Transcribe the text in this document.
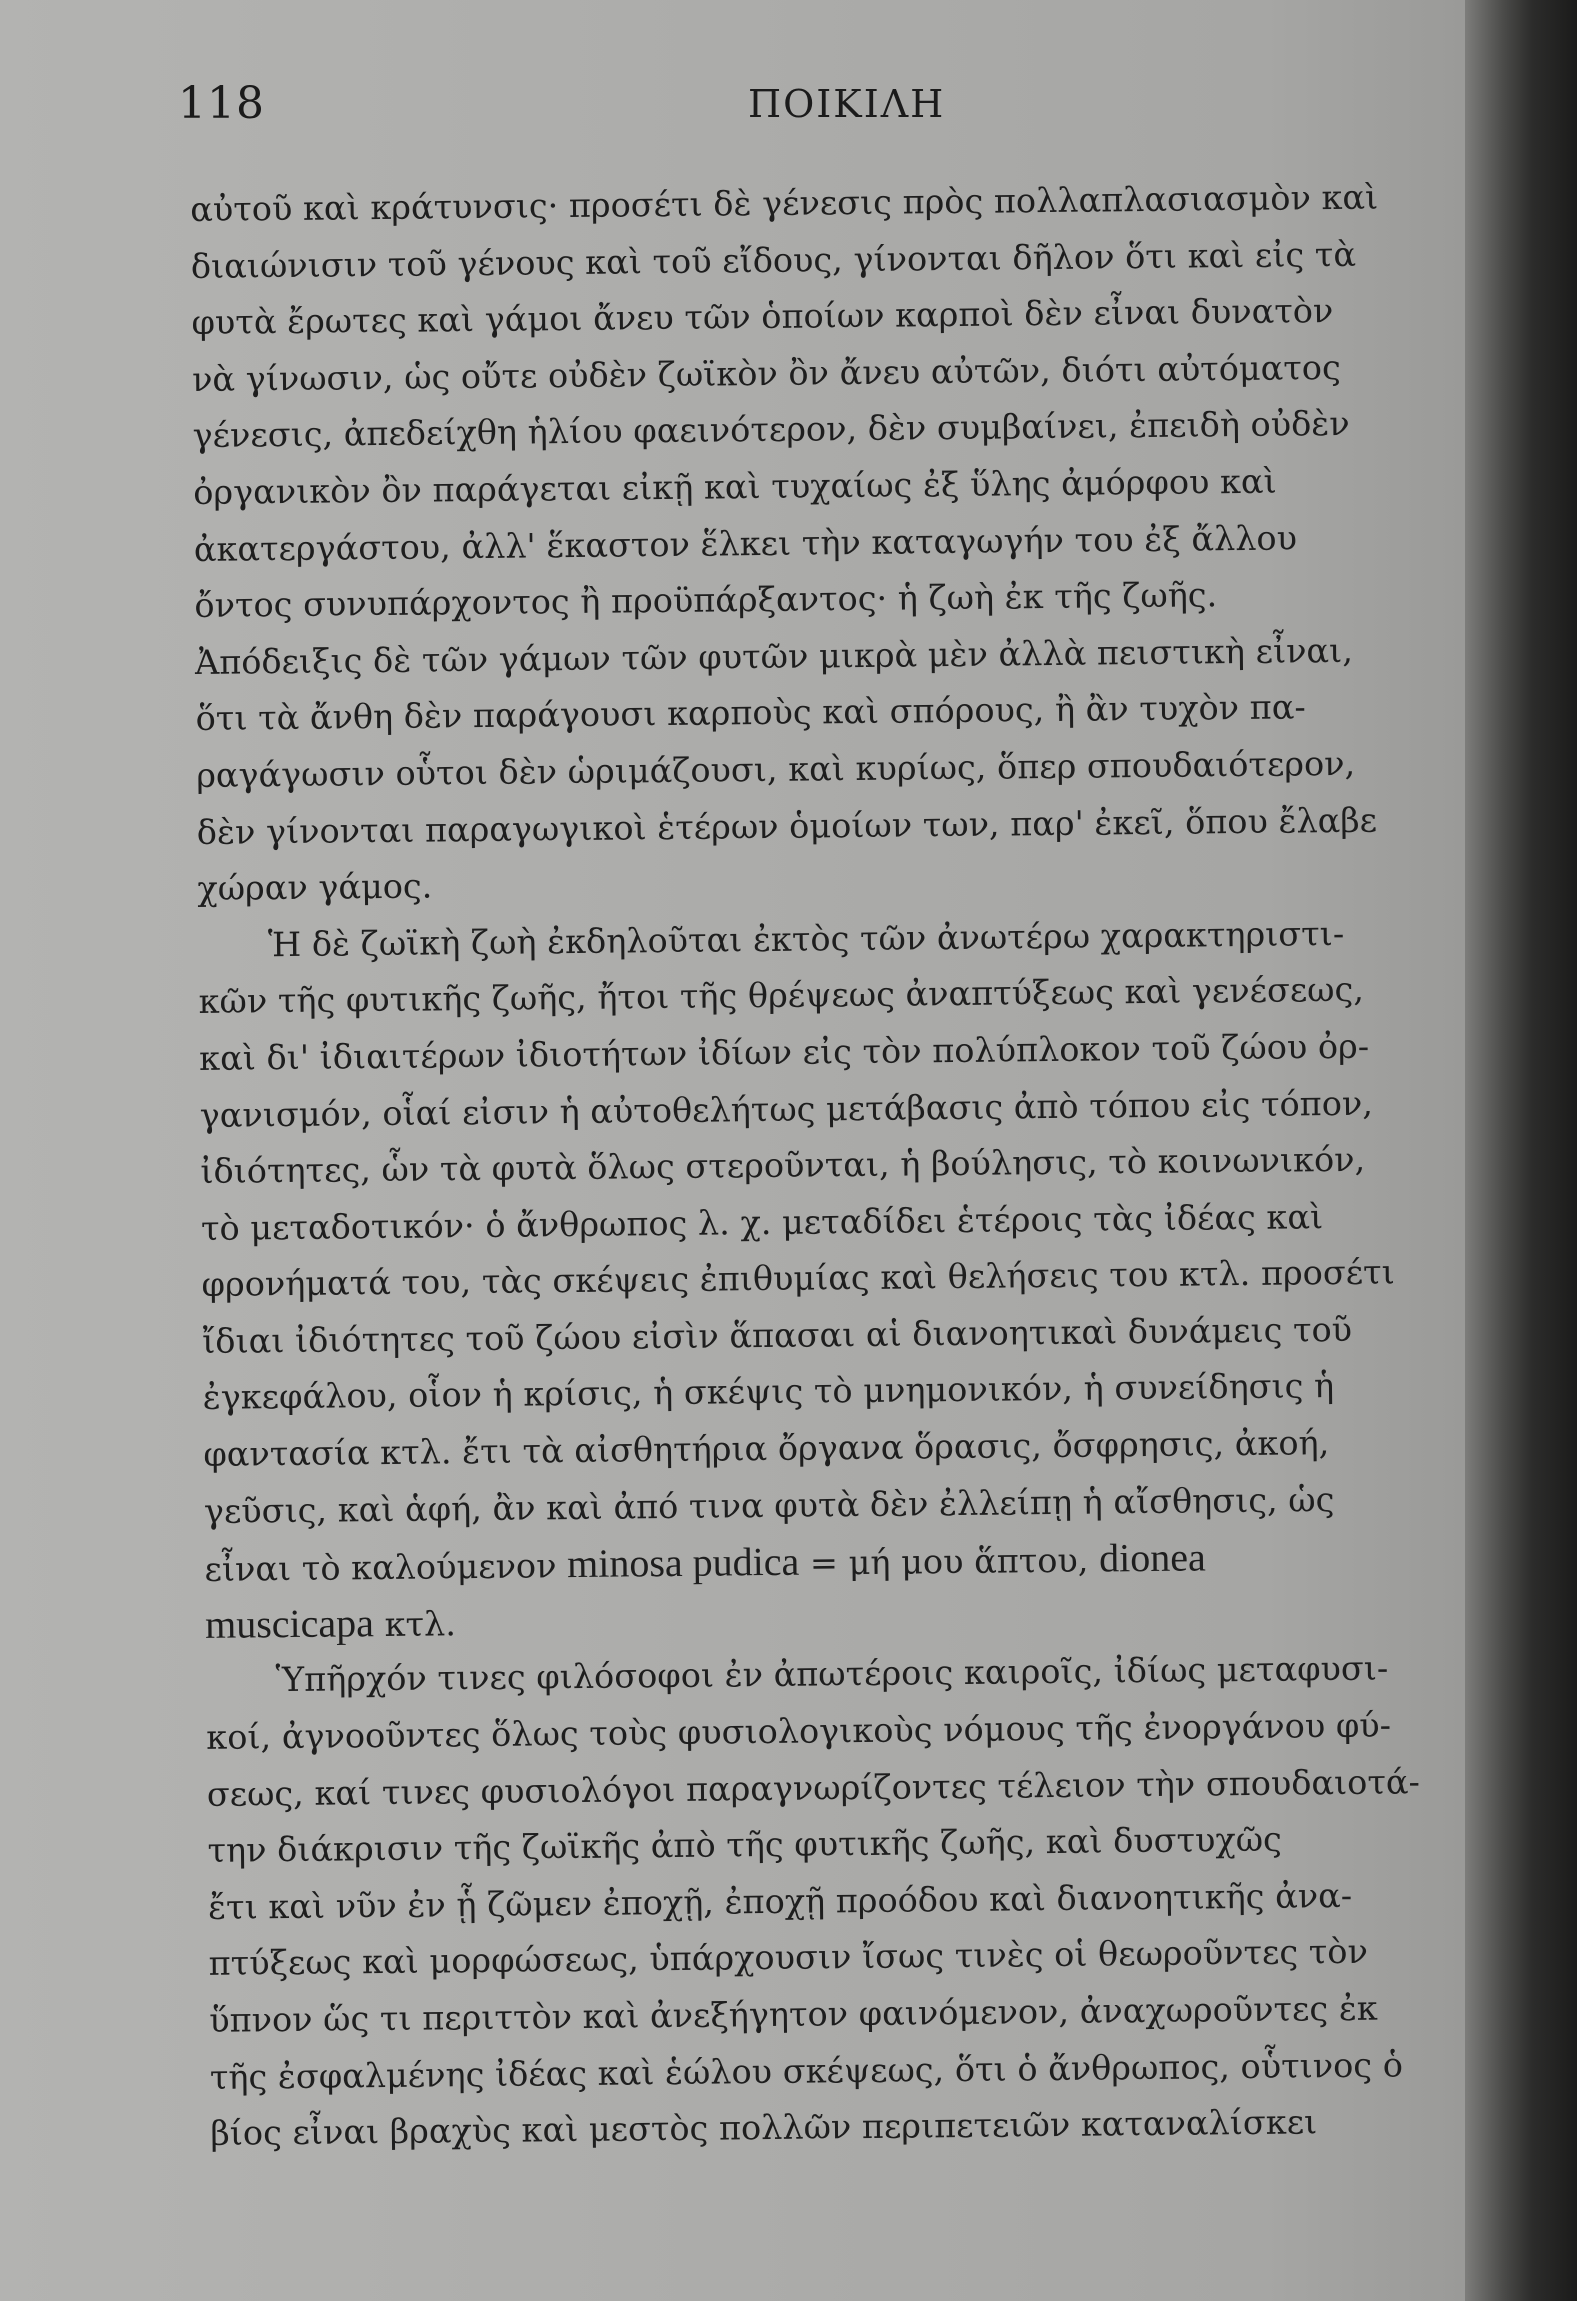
118	ΠΟΙΚΙΛΗ
αὐτοῦ καὶ κράτυνσις· προσέτι δὲ γένεσις πρὸς πολλαπλασιασμὸν καὶ
διαιώνισιν τοῦ γένους καὶ τοῦ εἴδους, γίνονται δῆλον ὅτι καὶ εἰς τὰ
φυτὰ ἔρωτες καὶ γάμοι ἄνευ τῶν ὁποίων καρποὶ δὲν εἶναι δυνατὸν
νὰ γίνωσιν, ὡς οὔτε οὐδὲν ζωϊκὸν ὂν ἄνευ αὐτῶν, διότι αὐτόματος
γένεσις, ἀπεδείχθη ἡλίου φαεινότερον, δὲν συμβαίνει, ἐπειδὴ οὐδὲν
ὀργανικὸν ὂν παράγεται εἰκῇ καὶ τυχαίως ἐξ ὕλης ἀμόρφου καὶ
ἀκατεργάστου, ἀλλ' ἕκαστον ἕλκει τὴν καταγωγήν του ἐξ ἄλλου
ὄντος συνυπάρχοντος ἢ προϋπάρξαντος· ἡ ζωὴ ἐκ τῆς ζωῆς.
Ἀπόδειξις δὲ τῶν γάμων τῶν φυτῶν μικρὰ μὲν ἀλλὰ πειστικὴ εἶναι,
ὅτι τὰ ἄνθη δὲν παράγουσι καρποὺς καὶ σπόρους, ἢ ἂν τυχὸν πα-
ραγάγωσιν οὗτοι δὲν ὡριμάζουσι, καὶ κυρίως, ὅπερ σπουδαιότερον,
δὲν γίνονται παραγωγικοὶ ἑτέρων ὁμοίων των, παρ' ἐκεῖ, ὅπου ἔλαβε
χώραν γάμος.
Ἡ δὲ ζωϊκὴ ζωὴ ἐκδηλοῦται ἐκτὸς τῶν ἀνωτέρω χαρακτηριστι-
κῶν τῆς φυτικῆς ζωῆς, ἤτοι τῆς θρέψεως ἀναπτύξεως καὶ γενέσεως,
καὶ δι' ἰδιαιτέρων ἰδιοτήτων ἰδίων εἰς τὸν πολύπλοκον τοῦ ζώου ὀρ-
γανισμόν, οἷαί εἰσιν ἡ αὐτοθελήτως μετάβασις ἀπὸ τόπου εἰς τόπον,
ἰδιότητες, ὧν τὰ φυτὰ ὅλως στεροῦνται, ἡ βούλησις, τὸ κοινωνικόν,
τὸ μεταδοτικόν· ὁ ἄνθρωπος λ. χ. μεταδίδει ἑτέροις τὰς ἰδέας καὶ
φρονήματά του, τὰς σκέψεις ἐπιθυμίας καὶ θελήσεις του κτλ. προσέτι
ἴδιαι ἰδιότητες τοῦ ζώου εἰσὶν ἅπασαι αἱ διανοητικαὶ δυνάμεις τοῦ
ἐγκεφάλου, οἷον ἡ κρίσις, ἡ σκέψις τὸ μνημονικόν, ἡ συνείδησις ἡ
φαντασία κτλ. ἔτι τὰ αἰσθητήρια ὄργανα ὅρασις, ὄσφρησις, ἀκοή,
γεῦσις, καὶ ἁφή, ἂν καὶ ἀπό τινα φυτὰ δὲν ἐλλείπῃ ἡ αἴσθησις, ὡς
εἶναι τὸ καλούμενον minosa pudica = μή μου ἅπτου, dionea
muscicapa κτλ.
Ὑπῆρχόν τινες φιλόσοφοι ἐν ἀπωτέροις καιροῖς, ἰδίως μεταφυσι-
κοί, ἀγνοοῦντες ὅλως τοὺς φυσιολογικοὺς νόμους τῆς ἐνοργάνου φύ-
σεως, καί τινες φυσιολόγοι παραγνωρίζοντες τέλειον τὴν σπουδαιοτά-
την διάκρισιν τῆς ζωϊκῆς ἀπὸ τῆς φυτικῆς ζωῆς, καὶ δυστυχῶς
ἔτι καὶ νῦν ἐν ᾗ ζῶμεν ἐποχῇ, ἐποχῇ προόδου καὶ διανοητικῆς ἀνα-
πτύξεως καὶ μορφώσεως, ὑπάρχουσιν ἴσως τινὲς οἱ θεωροῦντες τὸν
ὕπνον ὥς τι περιττὸν καὶ ἀνεξήγητον φαινόμενον, ἀναχωροῦντες ἐκ
τῆς ἐσφαλμένης ἰδέας καὶ ἑώλου σκέψεως, ὅτι ὁ ἄνθρωπος, οὗτινος ὁ
βίος εἶναι βραχὺς καὶ μεστὸς πολλῶν περιπετειῶν καταναλίσκει
